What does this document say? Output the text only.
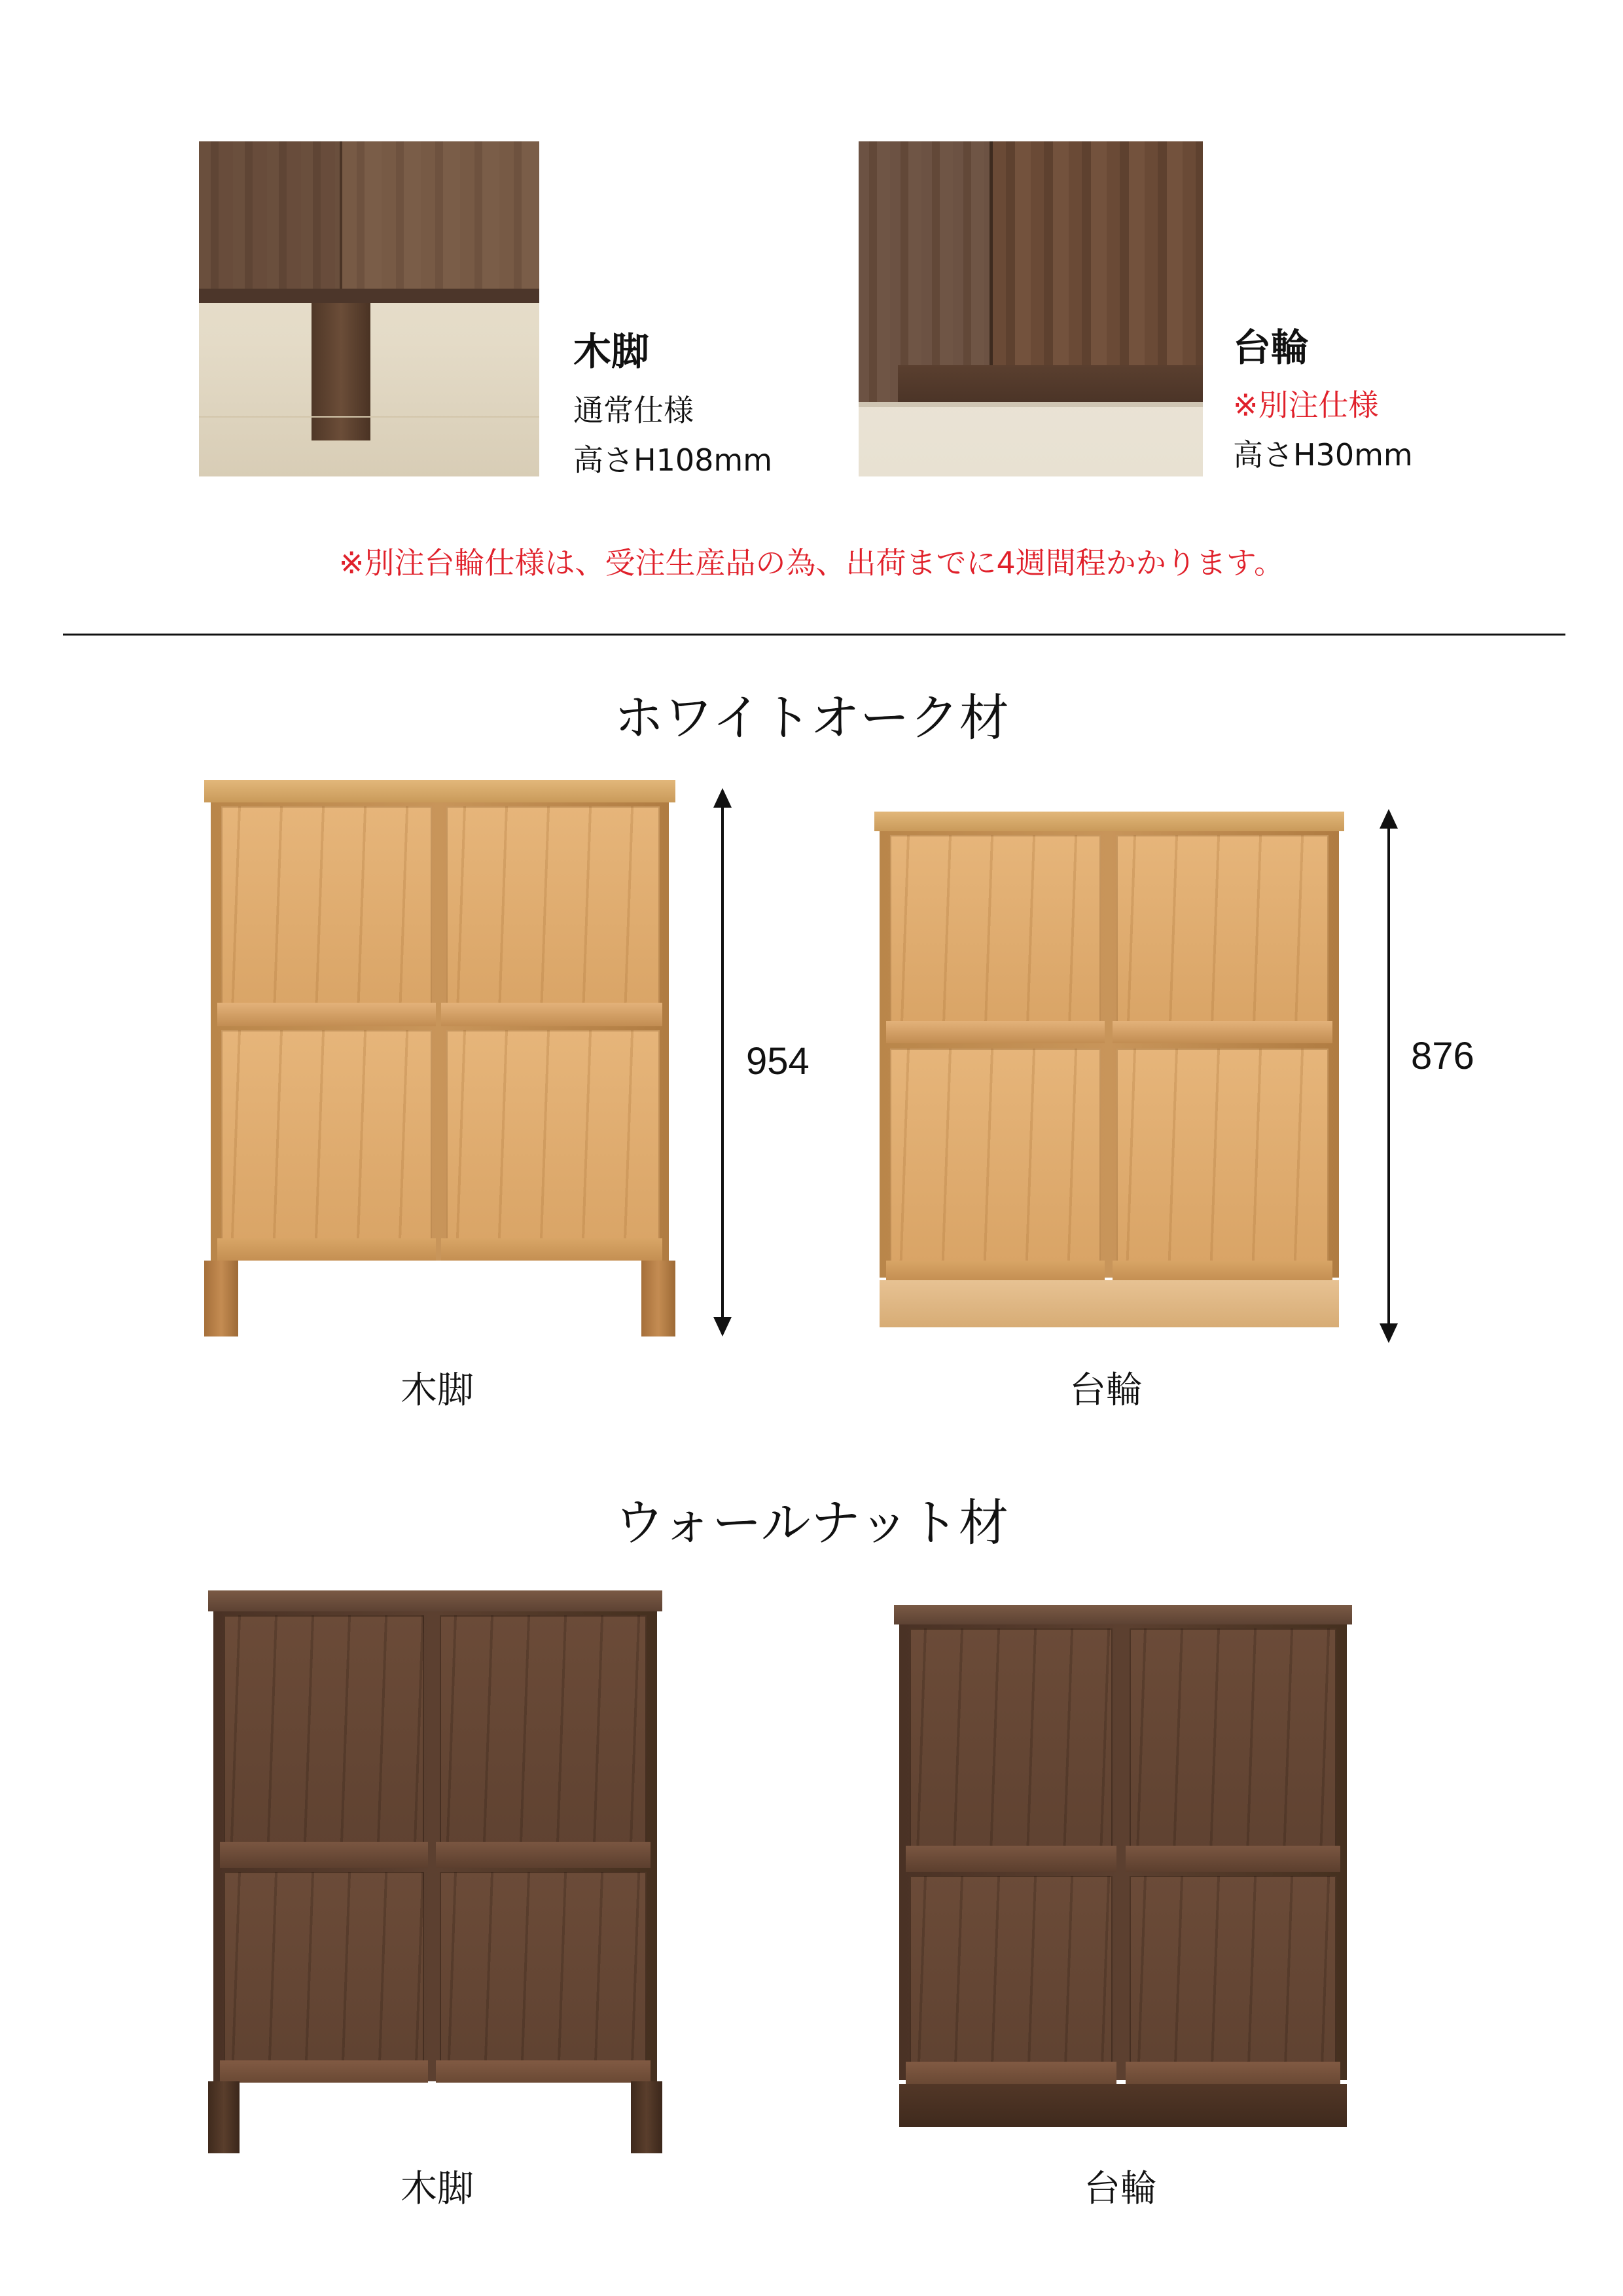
木脚
通常仕様
高さH108mm
台輪
※別注仕様
高さH30mm
※別注台輪仕様は、受注生産品の為、出荷までに4週間程かかります。
ホワイトオーク材
954
木脚
876
台輪
ウォールナット材
木脚	台輪
